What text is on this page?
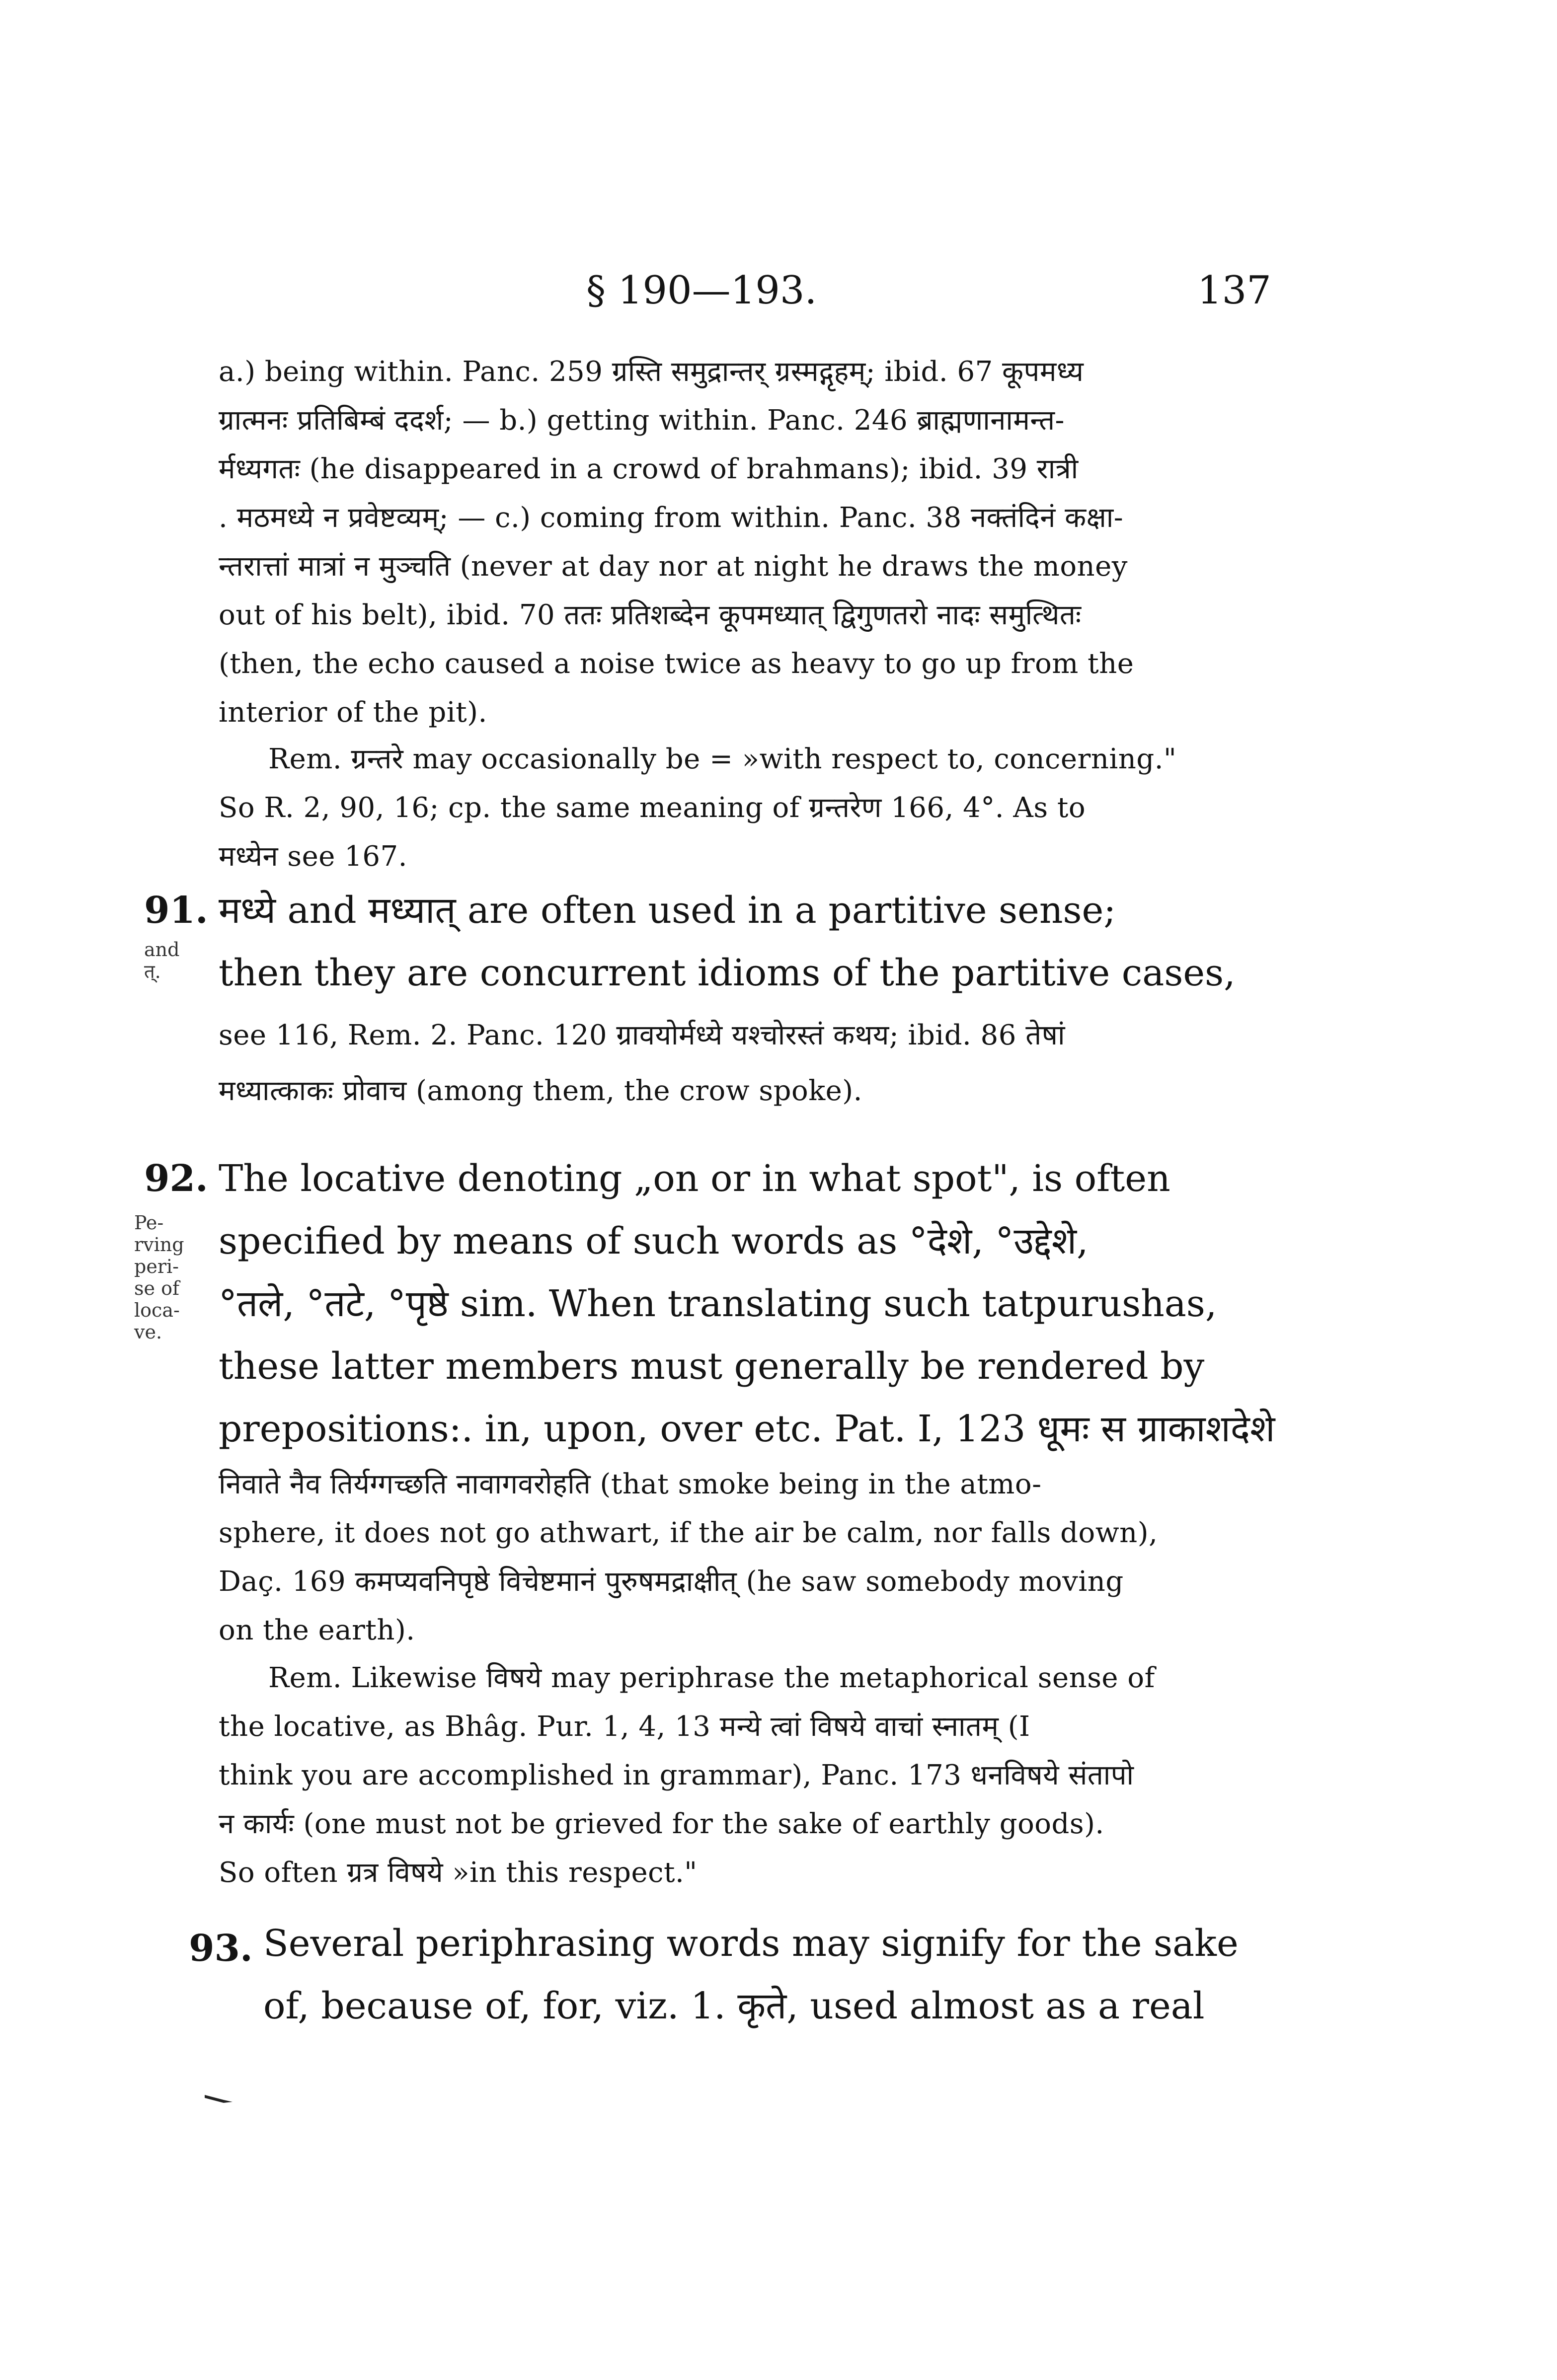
§ 190—193.	137
a.) being within. Panc. 259 ग्रस्ति समुद्रान्तर् ग्रस्मद्गृहम्; ibid. 67 कूपमध्य
ग्रात्मनः प्रतिबिम्बं ददर्श; — b.) getting within. Panc. 246 ब्राह्मणानामन्त-
र्मध्यगतः (he disappeared in a crowd of brahmans); ibid. 39 रात्री
. मठमध्ये न प्रवेष्टव्यम्; — c.) coming from within. Panc. 38 नक्तंदिनं कक्षा-
न्तरात्तां मात्रां न मुञ्चति (never at day nor at night he draws the money
out of his belt), ibid. 70 ततः प्रतिशब्देन कूपमध्यात् द्विगुणतरो नादः समुत्थितः
(then, the echo caused a noise twice as heavy to go up from the
interior of the pit).
Rem. ग्रन्तरे may occasionally be = »with respect to, concerning."
So R. 2, 90, 16; cp. the same meaning of ग्रन्तरेण 166, 4°. As to
मध्येन see 167.
91.
and त्.
मध्ये and मध्यात् are often used in a partitive sense;
then they are concurrent idioms of the partitive cases,
see 116, Rem. 2. Panc. 120 ग्रावयोर्मध्ये यश्चोरस्तं कथय; ibid. 86 तेषां
मध्यात्काकः प्रोवाच (among them, the crow spoke).
92.
Pe- rving peri- se of loca- ve.
The locative denoting „on or in what spot", is often
specified by means of such words as °देशे, °उद्देशे,
°तले, °तटे, °पृष्ठे sim. When translating such tatpurushas,
these latter members must generally be rendered by
prepositions:. in, upon, over etc. Pat. I, 123 धूमः स ग्राकाशदेशे
निवाते नैव तिर्यग्गच्छति नावागवरोहति (that smoke being in the atmo-
sphere, it does not go athwart, if the air be calm, nor falls down),
Daç. 169 कमप्यवनिपृष्ठे विचेष्टमानं पुरुषमद्राक्षीत् (he saw somebody moving
on the earth).
Rem. Likewise विषये may periphrase the metaphorical sense of
the locative, as Bhâg. Pur. 1, 4, 13 मन्ये त्वां विषये वाचां स्नातम् (I
think you are accomplished in grammar), Panc. 173 धनविषये संतापो
न कार्यः (one must not be grieved for the sake of earthly goods).
So often ग्रत्र विषये »in this respect."
93. Several periphrasing words may signify for the sake
of, because of, for, viz. 1. कृते, used almost as a real
